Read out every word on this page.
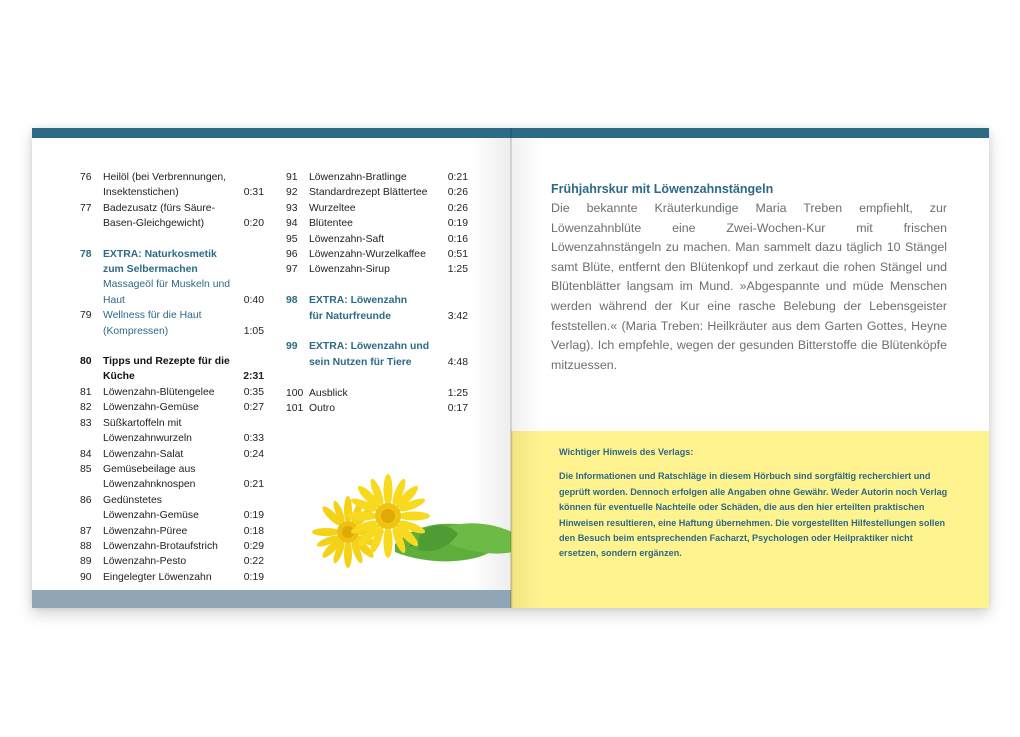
76	Heilöl (bei Verbrennungen, Insektenstichen)	0:31
77	Badezusatz (fürs Säure-Basen-Gleichgewicht)	0:20
78	EXTRA: Naturkosmetik zum Selbermachen
Massageöl für Muskeln und Haut	0:40
79	Wellness für die Haut (Kompressen)	1:05
80	Tipps und Rezepte für die Küche	2:31
81	Löwenzahn-Blütengelee	0:35
82	Löwenzahn-Gemüse	0:27
83	Süßkartoffeln mit Löwenzahnwurzeln	0:33
84	Löwenzahn-Salat	0:24
85	Gemüsebeilage aus Löwenzahnknospen	0:21
86	Gedünstetes Löwenzahn-Gemüse	0:19
87	Löwenzahn-Püree	0:18
88	Löwenzahn-Brotaufstrich	0:29
89	Löwenzahn-Pesto	0:22
90	Eingelegter Löwenzahn	0:19
91	Löwenzahn-Bratlinge	0:21
92	Standardrezept Blättertee	0:26
93	Wurzeltee	0:26
94	Blütentee	0:19
95	Löwenzahn-Saft	0:16
96	Löwenzahn-Wurzelkaffee	0:51
97	Löwenzahn-Sirup	1:25
98	EXTRA: Löwenzahn für Naturfreunde	3:42
99	EXTRA: Löwenzahn und sein Nutzen für Tiere	4:48
100 Ausblick	1:25
101 Outro	0:17
Frühjahrskur mit Löwenzahnstängeln

Die bekannte Kräuterkundige Maria Treben empfiehlt, zur Löwenzahnblüte eine Zwei-Wochen-Kur mit frischen Löwenzahnstängeln zu machen. Man sammelt dazu täglich 10 Stängel samt Blüte, entfernt den Blütenkopf und zerkaut die rohen Stängel und Blütenblätter langsam im Mund. »Abgespannte und müde Menschen werden während der Kur eine rasche Belebung der Lebensgeister feststellen.« (Maria Treben: Heilkräuter aus dem Garten Gottes, Heyne Verlag). Ich empfehle, wegen der gesunden Bitterstoffe die Blütenköpfe mitzuessen.

Wichtiger Hinweis des Verlags:
Die Informationen und Ratschläge in diesem Hörbuch sind sorgfältig recherchiert und geprüft worden. Dennoch erfolgen alle Angaben ohne Gewähr. Weder Autorin noch Verlag können für eventuelle Nachteile oder Schäden, die aus den hier erteilten praktischen Hinweisen resultieren, eine Haftung übernehmen. Die vorgestellten Hilfestellungen sollen den Besuch beim entsprechenden Facharzt, Psychologen oder Heilpraktiker nicht ersetzen, sondern ergänzen.
